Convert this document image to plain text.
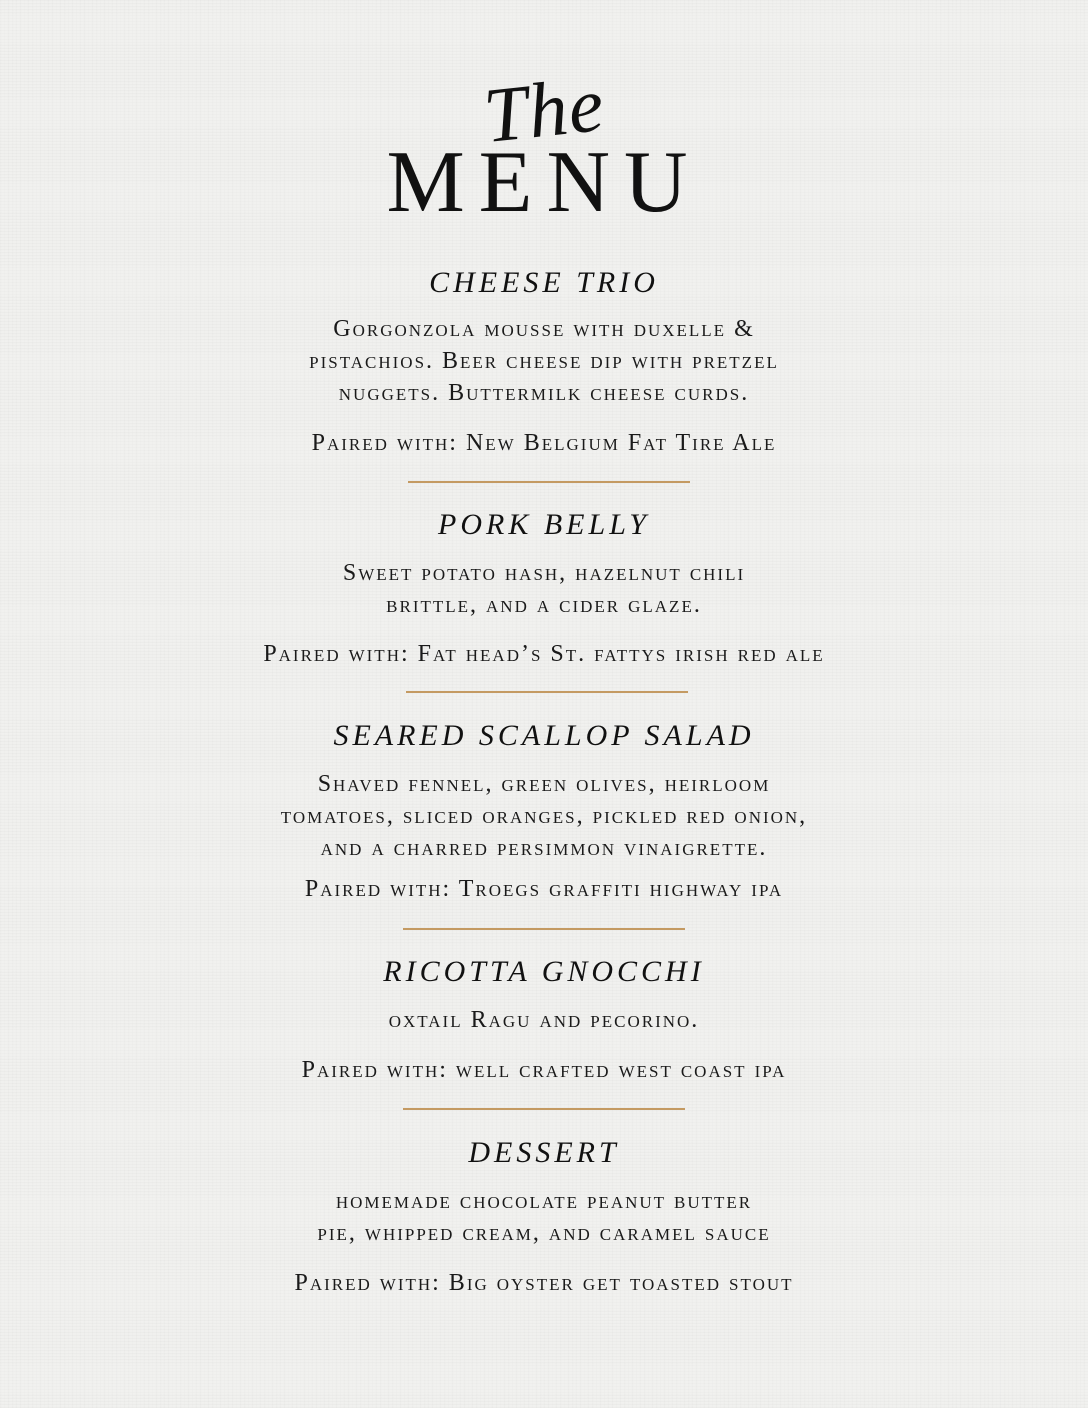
The
MENU
CHEESE TRIO
Gorgonzola mousse with duxelle &
pistachios. Beer cheese dip with pretzel
nuggets. Buttermilk cheese curds.
Paired with: New Belgium Fat Tire Ale
PORK BELLY
Sweet potato hash, hazelnut chili
brittle, and a cider glaze.
Paired with: Fat head’s St. fattys irish red ale
SEARED SCALLOP SALAD
Shaved fennel, green olives, heirloom
tomatoes, sliced oranges, pickled red onion,
and a charred persimmon vinaigrette.
Paired with: Troegs graffiti highway ipa
RICOTTA GNOCCHI
oxtail Ragu and pecorino.
Paired with: well crafted west coast ipa
DESSERT
homemade chocolate peanut butter
pie, whipped cream, and caramel sauce
Paired with: Big oyster get toasted stout
